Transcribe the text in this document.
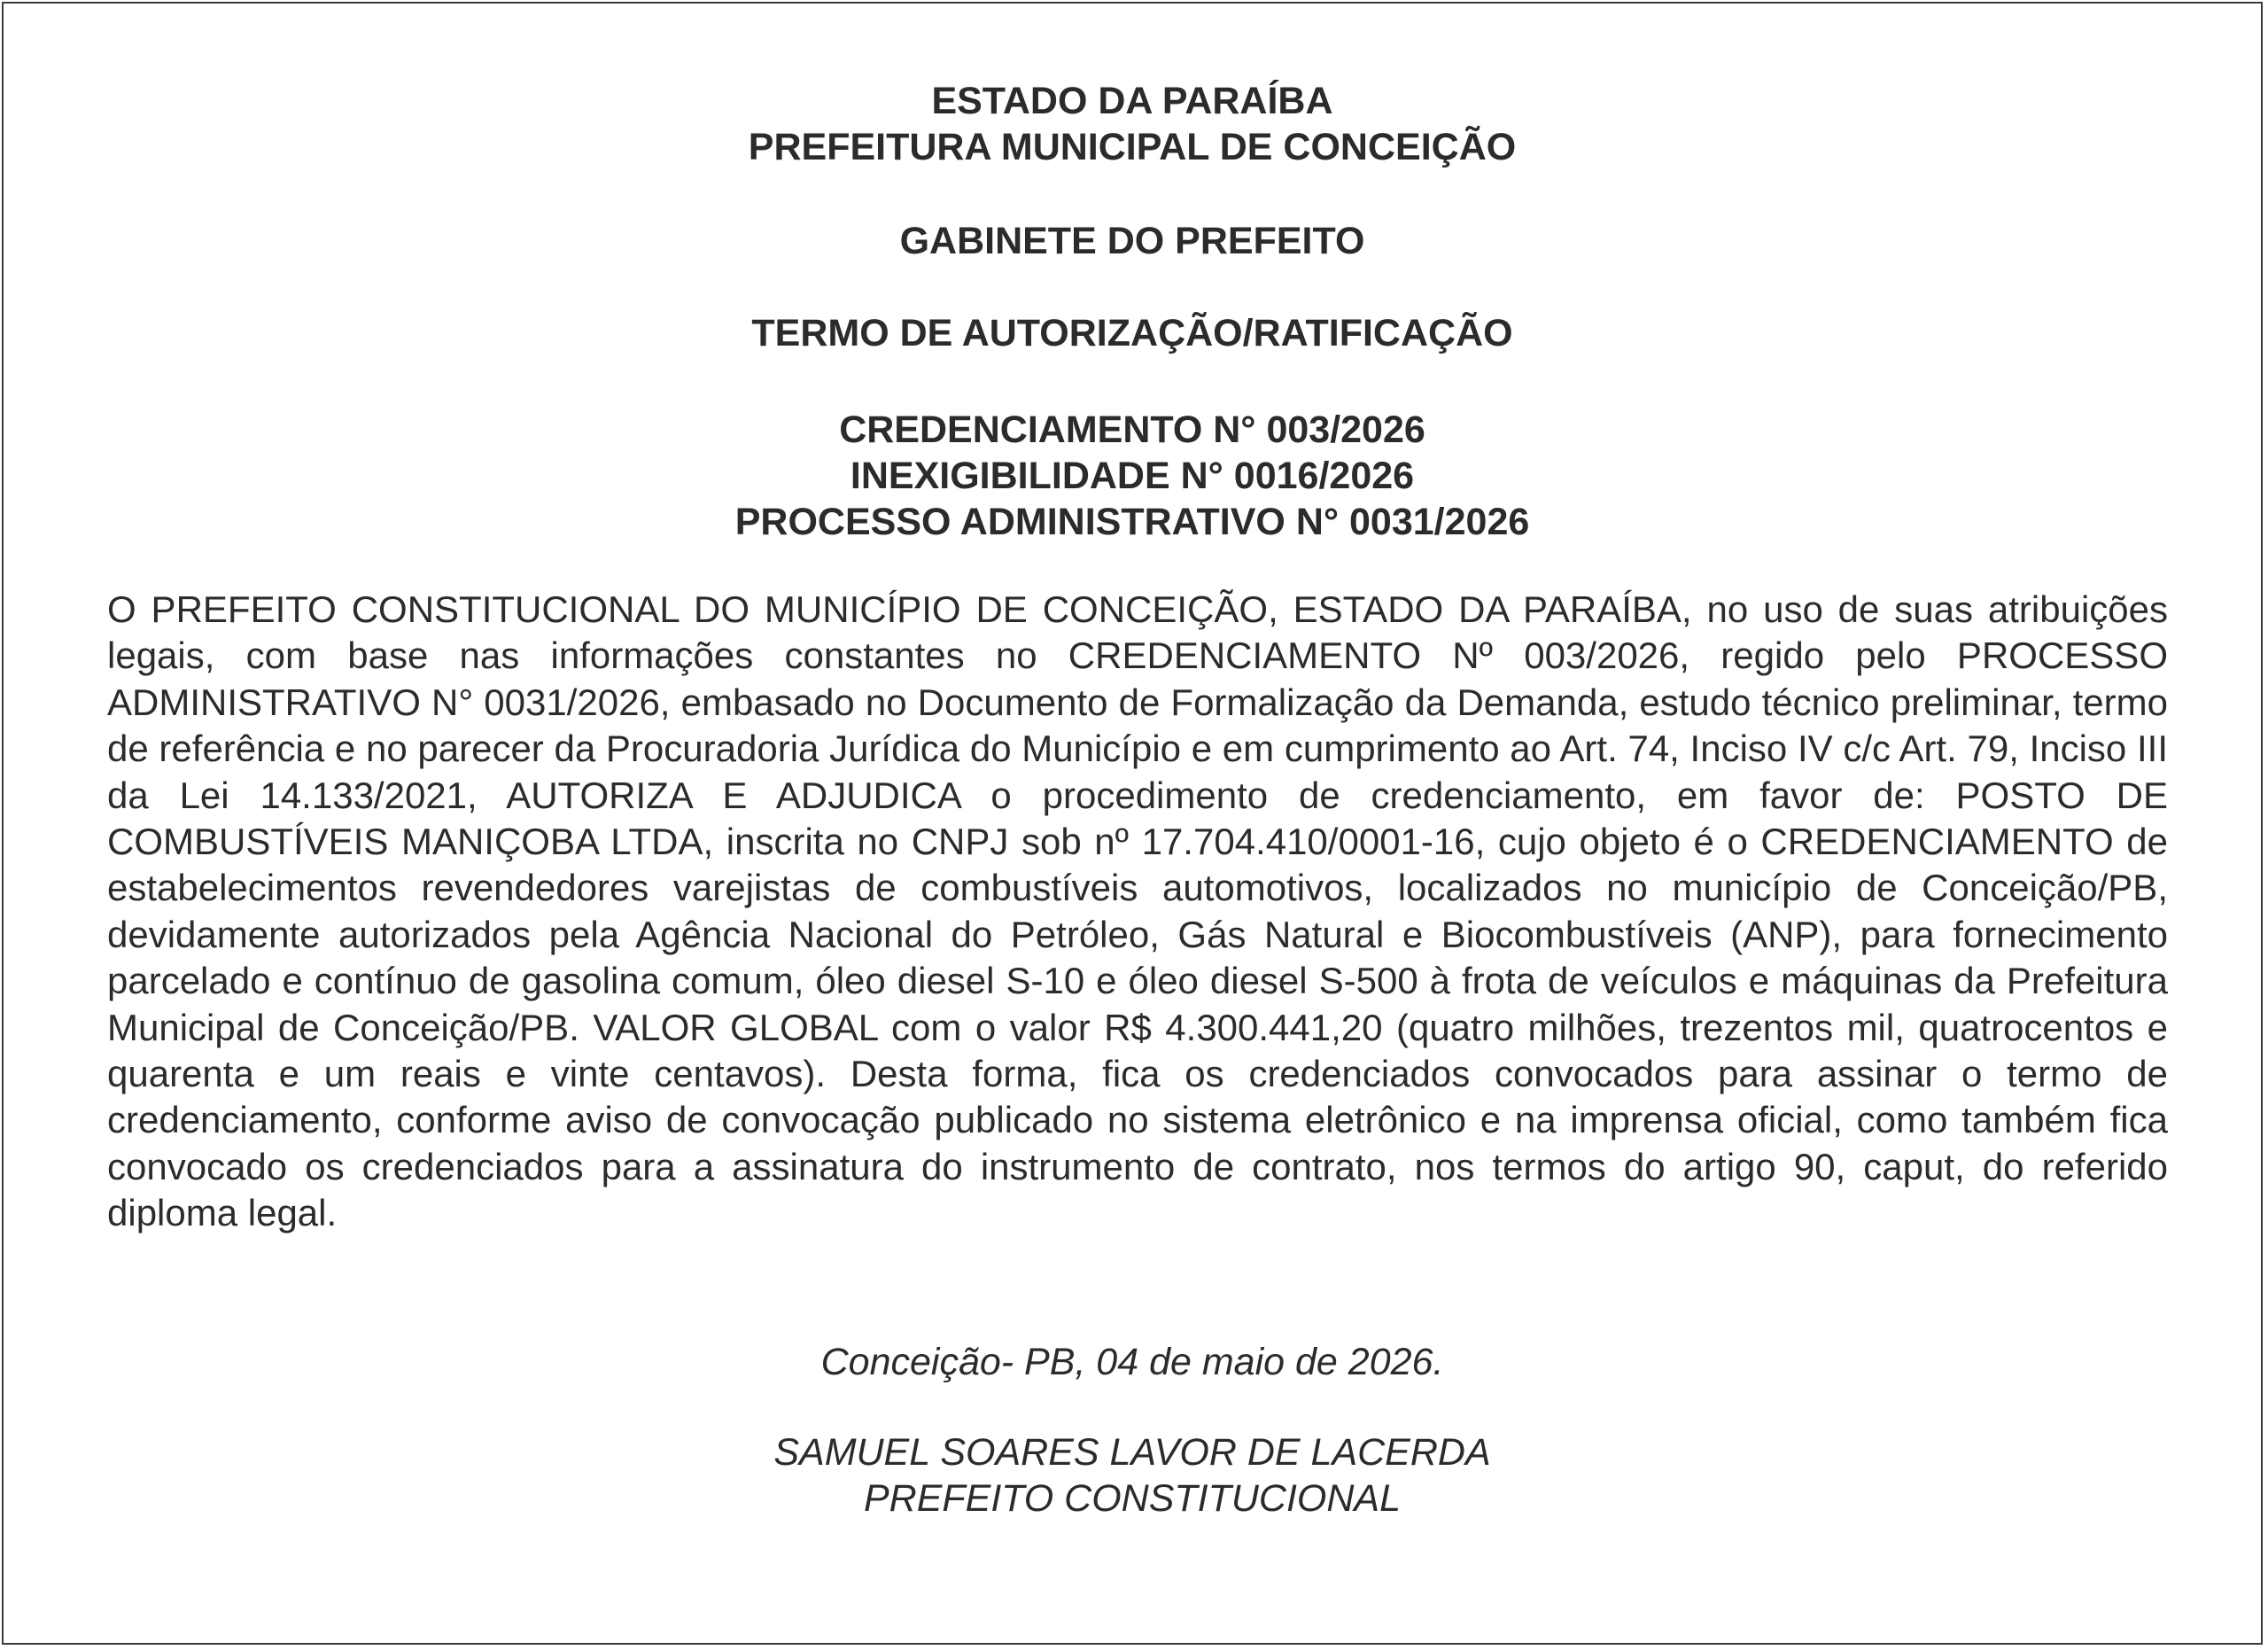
ESTADO DA PARAÍBA
PREFEITURA MUNICIPAL DE CONCEIÇÃO
GABINETE DO PREFEITO
TERMO DE AUTORIZAÇÃO/RATIFICAÇÃO
CREDENCIAMENTO N° 003/2026
INEXIGIBILIDADE N° 0016/2026
PROCESSO ADMINISTRATIVO N° 0031/2026
O PREFEITO CONSTITUCIONAL DO MUNICÍPIO DE CONCEIÇÃO, ESTADO DA PARAÍBA, no uso de suas atribuições legais, com base nas informações constantes no CREDENCIAMENTO Nº 003/2026, regido pelo PROCESSO ADMINISTRATIVO N° 0031/2026, embasado no Documento de Formalização da Demanda, estudo técnico preliminar, termo de referência e no parecer da Procuradoria Jurídica do Município e em cumprimento ao Art. 74, Inciso IV c/c Art. 79, Inciso III da Lei 14.133/2021, AUTORIZA E ADJUDICA o procedimento de credenciamento, em favor de: POSTO DE COMBUSTÍVEIS MANIÇOBA LTDA, inscrita no CNPJ sob nº 17.704.410/0001-16, cujo objeto é o CREDENCIAMENTO de estabelecimentos revendedores varejistas de combustíveis automotivos, localizados no município de Conceição/PB, devidamente autorizados pela Agência Nacional do Petróleo, Gás Natural e Biocombustíveis (ANP), para fornecimento parcelado e contínuo de gasolina comum, óleo diesel S-10 e óleo diesel S-500 à frota de veículos e máquinas da Prefeitura Municipal de Conceição/PB. VALOR GLOBAL com o valor R$ 4.300.441,20 (quatro milhões, trezentos mil, quatrocentos e quarenta e um reais e vinte centavos). Desta forma, fica os credenciados convocados para assinar o termo de credenciamento, conforme aviso de convocação publicado no sistema eletrônico e na imprensa oficial, como também fica convocado os credenciados para a assinatura do instrumento de contrato, nos termos do artigo 90, caput, do referido diploma legal.
Conceição- PB, 04 de maio de 2026.
SAMUEL SOARES LAVOR DE LACERDA
PREFEITO CONSTITUCIONAL
